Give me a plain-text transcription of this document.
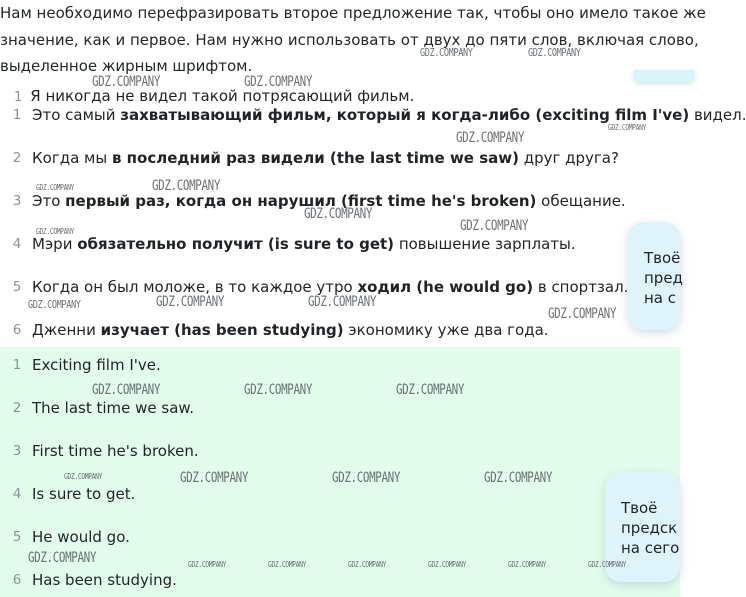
Нам необходимо перефразировать второе предложение так, чтобы оно имело такое же
значение, как и первое. Нам нужно использовать от двух до пяти слов, включая слово,
выделенное жирным шрифтом.
1 Я никогда не видел такой потрясающий фильм.
1 Это самый захватывающий фильм, который я когда-либо (exciting film I've) видел.
2 Когда мы в последний раз видели (the last time we saw) друг друга?
3 Это первый раз, когда он нарушил (first time he's broken) обещание.
4 Мэри обязательно получит (is sure to get) повышение зарплаты.
5 Когда он был моложе, в то каждое утро ходил (he would go) в спортзал.
6 Дженни изучает (has been studying) экономику уже два года.
1 Exciting film I've.
2 The last time we saw.
3 First time he's broken.
4 Is sure to get.
5 He would go.
6 Has been studying.
Твоё
пред
на с
Твоё
предск
на сего
GDZ.COMPANY	GDZ.COMPANY
GDZ.COMPANY	GDZ.COMPANY
GDZ.COMPANY
GDZ.COMPANY
GDZ.COMPANY	GDZ.COMPANY
GDZ.COMPANY
GDZ.COMPANY	GDZ.COMPANY
GDZ.COMPANY	GDZ.COMPANY	GDZ.COMPANY
GDZ.COMPANY
GDZ.COMPANY	GDZ.COMPANY	GDZ.COMPANY
GDZ.COMPANY	GDZ.COMPANY	GDZ.COMPANY	GDZ.COMPANY
GDZ.COMPANY	GDZ.COMPANY	GDZ.COMPANY	GDZ.COMPANY	GDZ.COMPANY	GDZ.COMPANY	GDZ.COMPANY
